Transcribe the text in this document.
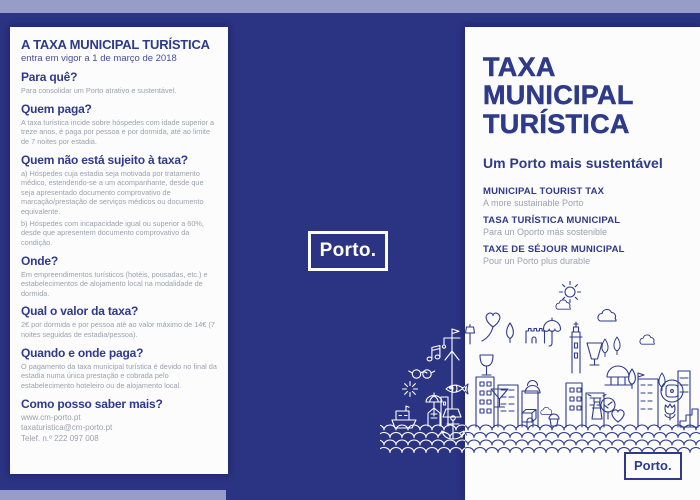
A TAXA MUNICIPAL TURÍSTICA
entra em vigor a 1 de março de 2018
Para quê?

Para consolidar um Porto atrativo e sustentável.

Quem paga?

A taxa turística incide sobre hóspedes com idade superior a treze anos, é paga por pessoa e por dormida, até ao limite de 7 noites por estadia.

Quem não está sujeito à taxa?

a) Hóspedes cuja estadia seja motivada por tratamento médico, estendendo-se a um acompanhante, desde que seja apresentado documento comprovativo de marcação/prestação de serviços médicos ou documento equivalente.

b) Hóspedes com incapacidade igual ou superior a 60%, desde que apresentem documento comprovativo da condição.

Onde?

Em empreendimentos turísticos (hotéis, pousadas, etc.) e estabelecimentos de alojamento local na modalidade de dormida.

Qual o valor da taxa?

2€ por dormida e por pessoa até ao valor máximo de 14€ (7 noites seguidas de estadia/pessoa).

Quando e onde paga?

O pagamento da taxa municipal turística é devido no final da estadia numa única prestação e cobrada pelo estabelecimento hoteleiro ou de alojamento local.

Como posso saber mais?

www.cm-porto.pt

taxaturistica@cm-porto.pt

Telef. n.º 222 097 008

Porto.
TAXA
MUNICIPAL
TURÍSTICA
Um Porto mais sustentável
MUNICIPAL TOURIST TAX
A more sustainable Porto
TASA TURÍSTICA MUNICIPAL
Para un Oporto más sostenible
TAXE DE SÉJOUR MUNICIPAL
Pour un Porto plus durable
Porto.
